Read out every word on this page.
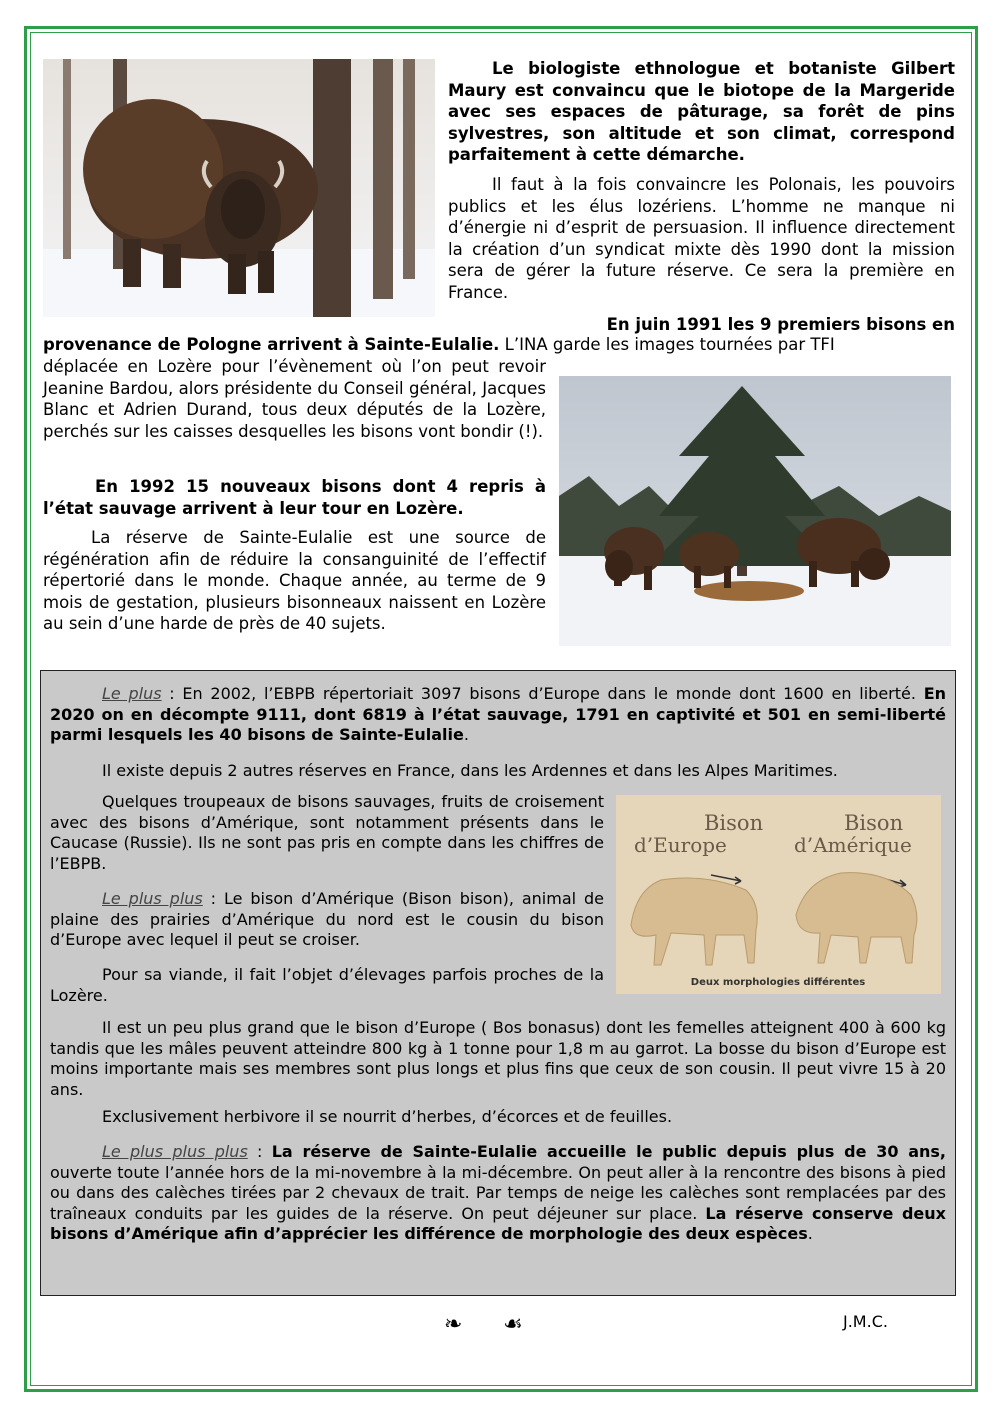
Le biologiste ethnologue et botaniste Gilbert Maury est convaincu que le biotope de la Margeride avec ses espaces de pâturage, sa forêt de pins sylvestres, son altitude et son climat, correspond parfaitement à cette démarche.

Il faut à la fois convaincre les Polonais, les pouvoirs publics et les élus lozériens. L’homme ne manque ni d’énergie ni d’esprit de persuasion. Il influence directement la création d’un syndicat mixte dès 1990 dont la mission sera de gérer la future réserve. Ce sera la première en France.

En juin 1991 les 9 premiers bisons en

provenance de Pologne arrivent à Sainte-Eulalie. L’INA garde les images tournées par TFI

déplacée en Lozère pour l’évènement où l’on peut revoir Jeanine Bardou, alors présidente du Conseil général, Jacques Blanc et Adrien Durand, tous deux députés de la Lozère, perchés sur les caisses desquelles les bisons vont bondir (!).

En 1992 15 nouveaux bisons dont 4 repris à l’état sauvage arrivent à leur tour en Lozère.

La réserve de Sainte-Eulalie est une source de régénération afin de réduire la consanguinité de l’effectif répertorié dans le monde. Chaque année, au terme de 9 mois de gestation, plusieurs bisonneaux naissent en Lozère au sein d’une harde de près de 40 sujets.

Le plus : En 2002, l’EBPB répertoriait 3097 bisons d’Europe dans le monde dont 1600 en liberté. En 2020 on en décompte 9111, dont 6819 à l’état sauvage, 1791 en captivité et 501 en semi-liberté parmi lesquels les 40 bisons de Sainte-Eulalie.

Il existe depuis 2 autres réserves en France, dans les Ardennes et dans les Alpes Maritimes.

Quelques troupeaux de bisons sauvages, fruits de croisement avec des bisons d’Amérique, sont notamment présents dans le Caucase (Russie). Ils ne sont pas pris en compte dans les chiffres de l’EBPB.

Le plus plus : Le bison d’Amérique (Bison bison), animal de plaine des prairies d’Amérique du nord est le cousin du bison d’Europe avec lequel il peut se croiser.

Pour sa viande, il fait l’objet d’élevages parfois proches de la Lozère.

Bison
d’Europe
Bison
d’Amérique
Deux morphologies différentes

Il est un peu plus grand que le bison d’Europe ( Bos bonasus) dont les femelles atteignent 400 à 600 kg tandis que les mâles peuvent atteindre 800 kg à 1 tonne pour 1,8 m au garrot. La bosse du bison d’Europe est moins importante mais ses membres sont plus longs et plus fins que ceux de son cousin. Il peut vivre 15 à 20 ans.

Exclusivement herbivore il se nourrit d’herbes, d’écorces et de feuilles.

Le plus plus plus : La réserve de Sainte-Eulalie accueille le public depuis plus de 30 ans, ouverte toute l’année hors de la mi-novembre à la mi-décembre. On peut aller à la rencontre des bisons à pied ou dans des calèches tirées par 2 chevaux de trait. Par temps de neige les calèches sont remplacées par des traîneaux conduits par les guides de la réserve. On peut déjeuner sur place. La réserve conserve deux bisons d’Amérique afin d’apprécier les différence de morphologie des deux espèces.

❧ ☙	J.M.C.
